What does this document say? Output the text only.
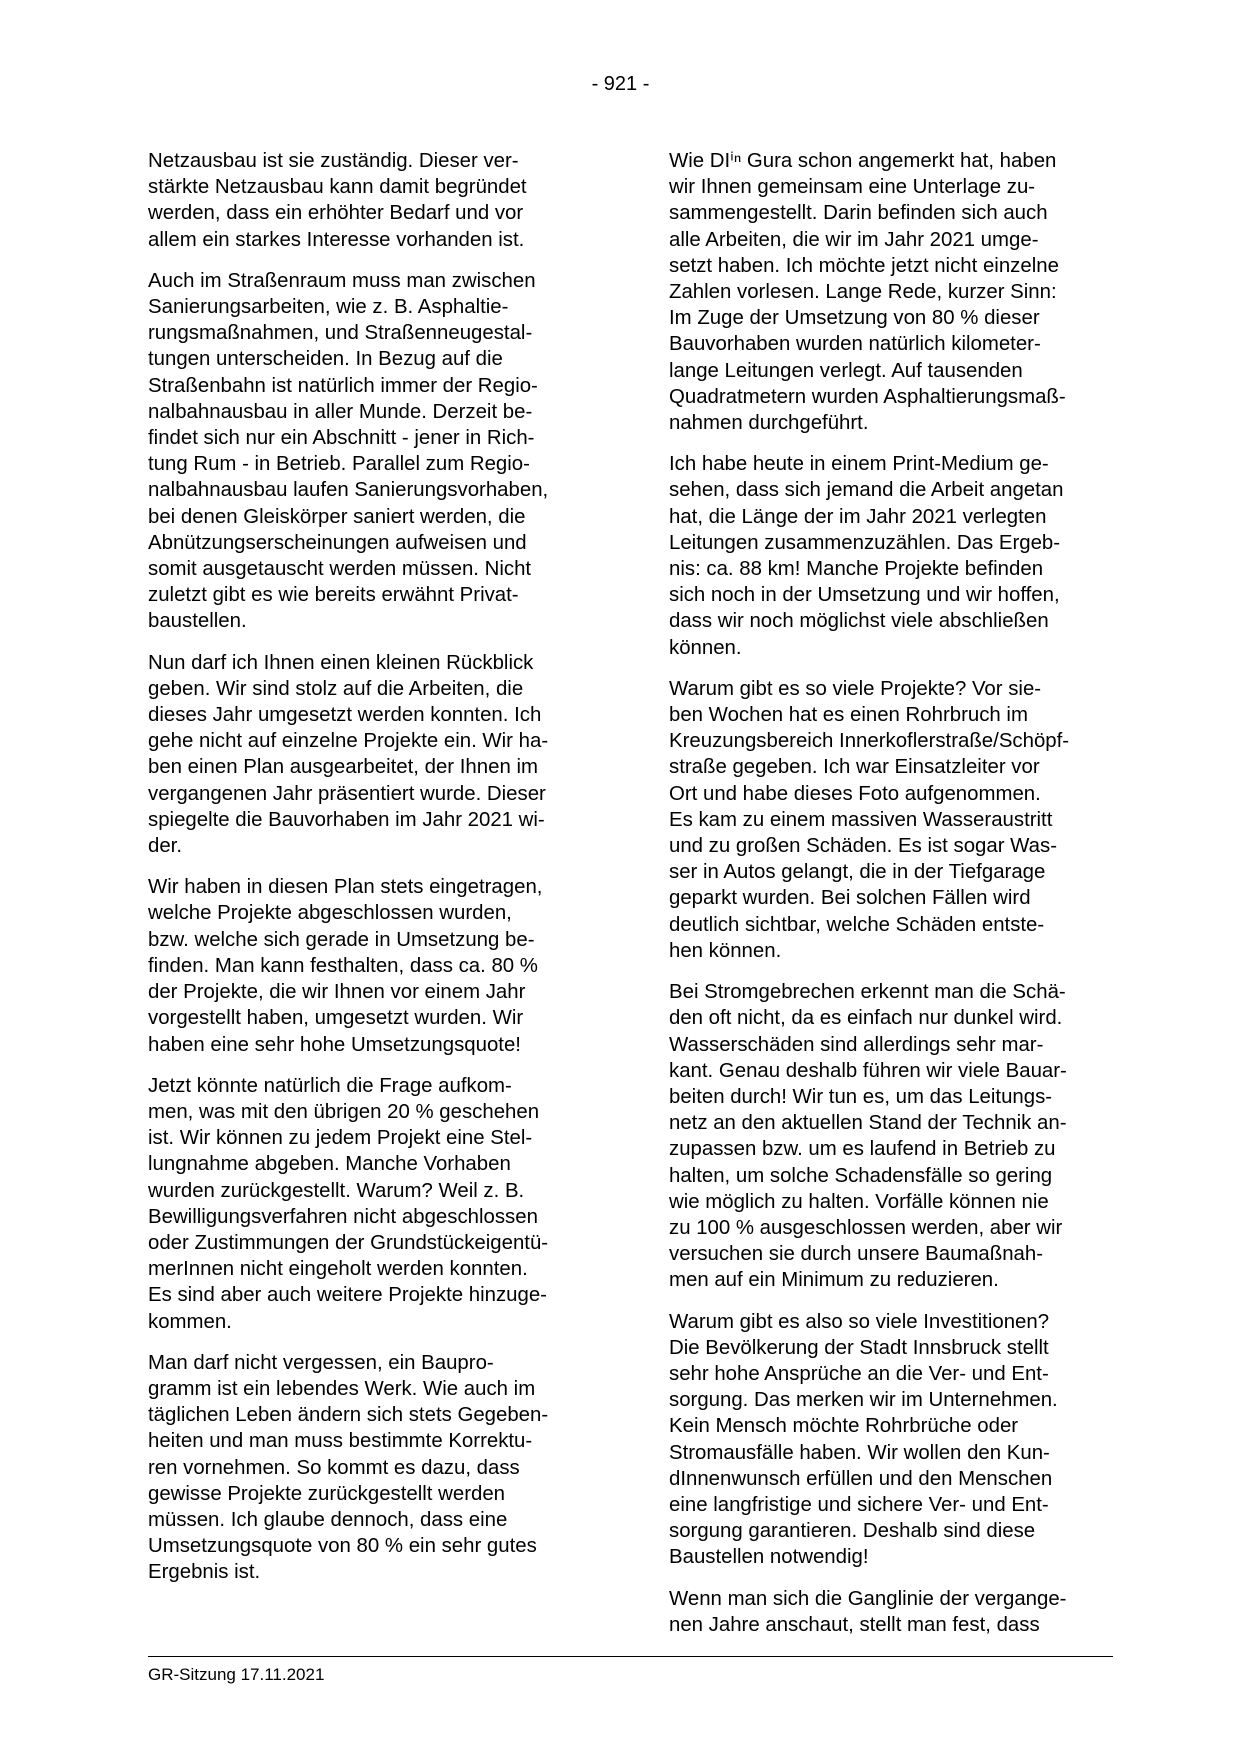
- 921 -

Netzausbau ist sie zuständig. Dieser ver-
stärkte Netzausbau kann damit begründet
werden, dass ein erhöhter Bedarf und vor
allem ein starkes Interesse vorhanden ist.

Auch im Straßenraum muss man zwischen
Sanierungsarbeiten, wie z. B. Asphaltie-
rungsmaßnahmen, und Straßenneugestal-
tungen unterscheiden. In Bezug auf die
Straßenbahn ist natürlich immer der Regio-
nalbahnausbau in aller Munde. Derzeit be-
findet sich nur ein Abschnitt - jener in Rich-
tung Rum - in Betrieb. Parallel zum Regio-
nalbahnausbau laufen Sanierungsvorhaben,
bei denen Gleiskörper saniert werden, die
Abnützungserscheinungen aufweisen und
somit ausgetauscht werden müssen. Nicht
zuletzt gibt es wie bereits erwähnt Privat-
baustellen.

Nun darf ich Ihnen einen kleinen Rückblick
geben. Wir sind stolz auf die Arbeiten, die
dieses Jahr umgesetzt werden konnten. Ich
gehe nicht auf einzelne Projekte ein. Wir ha-
ben einen Plan ausgearbeitet, der Ihnen im
vergangenen Jahr präsentiert wurde. Dieser
spiegelte die Bauvorhaben im Jahr 2021 wi-
der.

Wir haben in diesen Plan stets eingetragen,
welche Projekte abgeschlossen wurden,
bzw. welche sich gerade in Umsetzung be-
finden. Man kann festhalten, dass ca. 80 %
der Projekte, die wir Ihnen vor einem Jahr
vorgestellt haben, umgesetzt wurden. Wir
haben eine sehr hohe Umsetzungsquote!

Jetzt könnte natürlich die Frage aufkom-
men, was mit den übrigen 20 % geschehen
ist. Wir können zu jedem Projekt eine Stel-
lungnahme abgeben. Manche Vorhaben
wurden zurückgestellt. Warum? Weil z. B.
Bewilligungsverfahren nicht abgeschlossen
oder Zustimmungen der Grundstückeigentü-
merInnen nicht eingeholt werden konnten.
Es sind aber auch weitere Projekte hinzuge-
kommen.

Man darf nicht vergessen, ein Baupro-
gramm ist ein lebendes Werk. Wie auch im
täglichen Leben ändern sich stets Gegeben-
heiten und man muss bestimmte Korrektu-
ren vornehmen. So kommt es dazu, dass
gewisse Projekte zurückgestellt werden
müssen. Ich glaube dennoch, dass eine
Umsetzungsquote von 80 % ein sehr gutes
Ergebnis ist.

Wie DIⁱⁿ Gura schon angemerkt hat, haben
wir Ihnen gemeinsam eine Unterlage zu-
sammengestellt. Darin befinden sich auch
alle Arbeiten, die wir im Jahr 2021 umge-
setzt haben. Ich möchte jetzt nicht einzelne
Zahlen vorlesen. Lange Rede, kurzer Sinn:
Im Zuge der Umsetzung von 80 % dieser
Bauvorhaben wurden natürlich kilometer-
lange Leitungen verlegt. Auf tausenden
Quadratmetern wurden Asphaltierungsmaß-
nahmen durchgeführt.

Ich habe heute in einem Print-Medium ge-
sehen, dass sich jemand die Arbeit angetan
hat, die Länge der im Jahr 2021 verlegten
Leitungen zusammenzuzählen. Das Ergeb-
nis: ca. 88 km! Manche Projekte befinden
sich noch in der Umsetzung und wir hoffen,
dass wir noch möglichst viele abschließen
können.

Warum gibt es so viele Projekte? Vor sie-
ben Wochen hat es einen Rohrbruch im
Kreuzungsbereich Innerkoflerstraße/Schöpf-
straße gegeben. Ich war Einsatzleiter vor
Ort und habe dieses Foto aufgenommen.
Es kam zu einem massiven Wasseraustritt
und zu großen Schäden. Es ist sogar Was-
ser in Autos gelangt, die in der Tiefgarage
geparkt wurden. Bei solchen Fällen wird
deutlich sichtbar, welche Schäden entste-
hen können.

Bei Stromgebrechen erkennt man die Schä-
den oft nicht, da es einfach nur dunkel wird.
Wasserschäden sind allerdings sehr mar-
kant. Genau deshalb führen wir viele Bauar-
beiten durch! Wir tun es, um das Leitungs-
netz an den aktuellen Stand der Technik an-
zupassen bzw. um es laufend in Betrieb zu
halten, um solche Schadensfälle so gering
wie möglich zu halten. Vorfälle können nie
zu 100 % ausgeschlossen werden, aber wir
versuchen sie durch unsere Baumaßnah-
men auf ein Minimum zu reduzieren.

Warum gibt es also so viele Investitionen?
Die Bevölkerung der Stadt Innsbruck stellt
sehr hohe Ansprüche an die Ver- und Ent-
sorgung. Das merken wir im Unternehmen.
Kein Mensch möchte Rohrbrüche oder
Stromausfälle haben. Wir wollen den Kun-
dInnenwunsch erfüllen und den Menschen
eine langfristige und sichere Ver- und Ent-
sorgung garantieren. Deshalb sind diese
Baustellen notwendig!

Wenn man sich die Ganglinie der vergange-
nen Jahre anschaut, stellt man fest, dass

GR-Sitzung 17.11.2021
